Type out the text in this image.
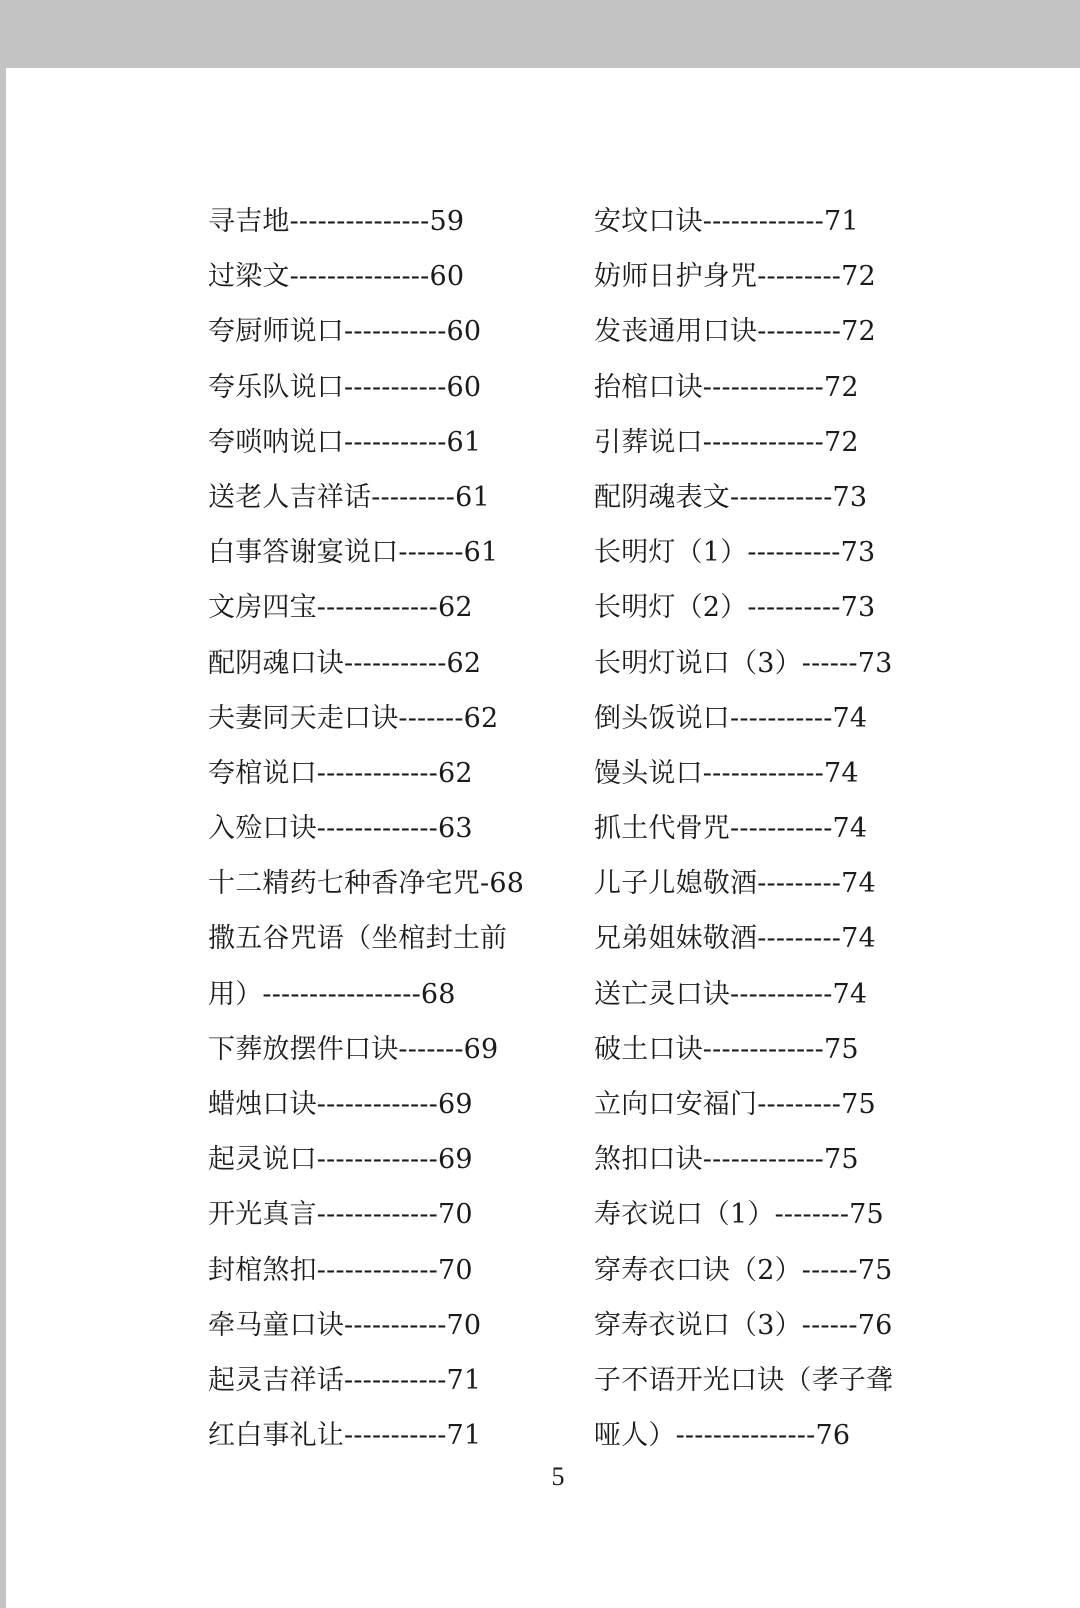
寻吉地---------------59
过梁文---------------60
夸厨师说口-----------60
夸乐队说口-----------60
夸唢呐说口-----------61
送老人吉祥话---------61
白事答谢宴说口-------61
文房四宝-------------62
配阴魂口诀-----------62
夫妻同天走口诀-------62
夸棺说口-------------62
入殓口诀-------------63
十二精药七种香净宅咒-68
撒五谷咒语（坐棺封土前
用）-----------------68
下葬放摆件口诀-------69
蜡烛口诀-------------69
起灵说口-------------69
开光真言-------------70
封棺煞扣-------------70
牵马童口诀-----------70
起灵吉祥话-----------71
红白事礼让-----------71
安坟口诀-------------71
妨师日护身咒---------72
发丧通用口诀---------72
抬棺口诀-------------72
引葬说口-------------72
配阴魂表文-----------73
长明灯（1）----------73
长明灯（2）----------73
长明灯说口（3）------73
倒头饭说口-----------74
馒头说口-------------74
抓土代骨咒-----------74
儿子儿媳敬酒---------74
兄弟姐妹敬酒---------74
送亡灵口诀-----------74
破土口诀-------------75
立向口安福门---------75
煞扣口诀-------------75
寿衣说口（1）--------75
穿寿衣口诀（2）------75
穿寿衣说口（3）------76
子不语开光口诀（孝子聋
哑人）---------------76
5
